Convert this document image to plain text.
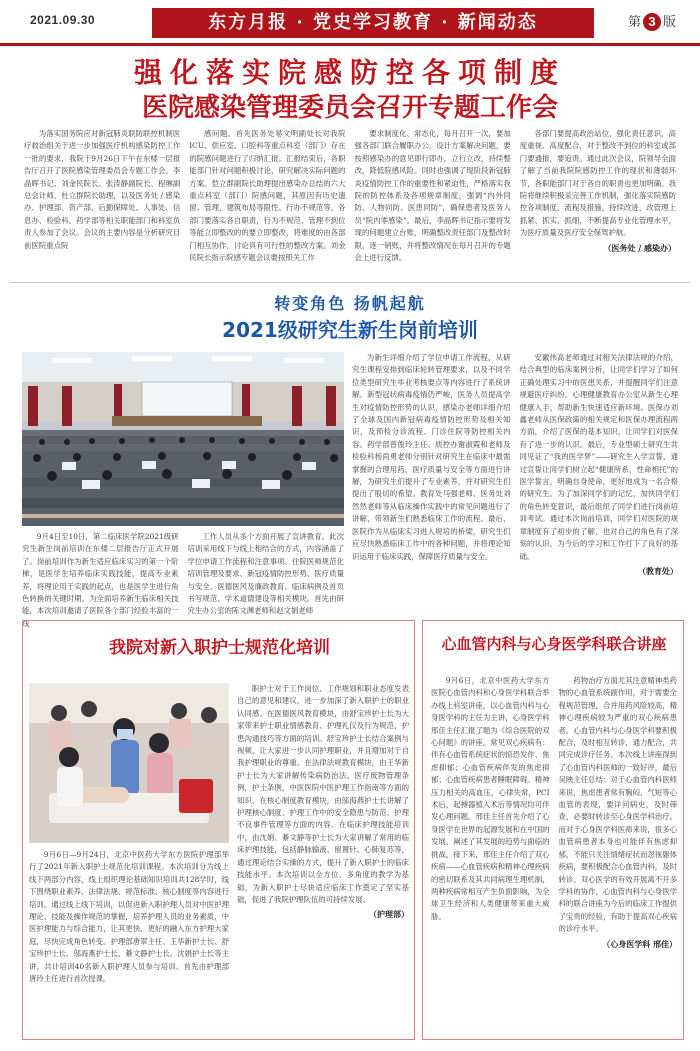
2021.09.30	东方月报 · 党史学习教育 · 新闻动态	第 3 版
强化落实院感防控各项制度
医院感染管理委员会召开专题工作会

为落实国务院应对新冠肺炎联防联控机制医疗救治组关于进一步加强医疗机构感染防控工作一批的要求，我院于9月26日下午在东楼一层报告厅召开了医院感染管理委员会专题工作会。李晶晖书记、刘金民院长、张涛静副院长、程琳副总会计师、杜立群院长助理，以及医务处 / 感染办、护理部、资产部、后勤保障处、人事处、信息办、检验科、药学部等相关职能部门和科室负责人参加了会议。会议的主要内容是分析研究目前医院重点院

感问题。首先医务处易文明副处长对我院ICU、供应室、口腔科等重点科室（部门）存在的院感问题进行了归纳汇报。汇报结束后，各职能部门针对问题积极讨论，研究解决实际问题的方案。恺立群副院长助理提出感染办总结的六大重点科室（部门）院感问题，其原因有历史遗留、管理、建筑布局等限性、行办不规范等。各部门要落实各自职责，行为不规范、管理不到位等能立即整改的的要立即整改，将难度的由各部门相互协作，讨论具有可行性的整改方案。刘金民院长指示院感专题会议要按照关工作

要求制度化、常态化，每月召开一次，要加强各部门联合履职办公，设计方案解决问题，要按照感染办的意见即行即办，立行立改，持续整改，降低院感风险。同时也强调了现阶段新冠肺炎疫情防控工作的重要性和紧迫性，严格落实我院的防控体系及各项规章制度，强调“内外同防、人物同防、医患同防”，确保患者及医务人员“院内零感染”。最后，李晶晖书记指示要将发现的问题建立台账，明确整改责任部门及整改时限，逐一销账，并将整改情况在每月召开的专题会上进行反馈。

各部门要提高政治站位，强化责任意识，高度重视、高度配合，对于整改不到位的科室或部门要通报，要追责。通过此次会议，院领导全面了解了当前我院院感防控工作的现状和薄弱环节，各职能部门对于各自的职责也更加明确。我院将继续积极采完善工作机制，强化落实院感防控各项制度、流程及措施，持续改进，改管理上抓紧、抓实、抓细，不断提高专业化管理水平，为医疗质量及医疗安全保驾护航。

（医务处 / 感染办）
转变角色 扬帆起航
2021级研究生新生岗前培训

9月4日至10日，第二临床医学院2021级研究生新生岗前培训在东楼二层报告厅正式开展了。岗前培训作为新生适应临床实习的第一个阶梯，是医学生培养临床实践技能，提高专业素养，将理论用于实践的起点，也是医学生进行角色转换的关键时期。为全面培养新生临床相关技能，本次培训邀请了医院各个部门经验丰富的一线

工作人员从多个方面开展了宣讲教育。此次培训采用线下与线上相结合的方式，内容涵盖了学位申请工作流程和注意事项、住院医师规范化培训管理及要求、新冠疫情防控形势、医疗质量与安全、医德医风及廉政教育、临床病例及首页书写规范、学术道德建设等相关模块。首先由研究生办公室的陈文渊老师和赵文娟老师

为新生详细介绍了学位申请工作流程，从研究生课程安排到临床轮转管理要求，以及不同学位类型研究生毕业考核要点等内容进行了系统讲解。新型冠状病毒疫情仍严峻，医务人员提高学生对疫情防控形势的认识，感染办老师详细介绍了全球及国内新冠病毒疫情防控形势及相关知识，及预检分诊流程、门诊住院等防控相关内容。药学部曾俊玲主任、质控办谢淑霞和老师及检验科杨尚勇老师分别针对研究生在临床中最需掌握的合理用药、医疗质量与安全等方面进行讲解，为研究生们提升了专业素养，并对研究生们提出了殷切的希望。教育处马强老师、医务处刘然然老师等从临床操作实践中的常见问题进行了讲解，带领新生们熟悉临床工作的流程。最后，医院作为从临床实习进入规培的桥梁，研究生们应尽快熟悉临床工作中的各种问题，并将理论知识运用于临床实践，保障医疗质量与安全。

安徽伟高老师通过对相关法律法规的介绍，结合典型的临床案例分析，让同学们学习了如何正确处理实习中的医患关系，并提醒同学们注意规避医疗纠纷。心理健康教育办公室从新生心理健康入手，帮助新生快速适应新环境。医保办刘鑫老师从医保政策的相关规定和医保办理流程两方面，介绍了医保的基本知识，让同学们对医保有了进一步的认识。最后，专业型硕士研究生共同见证了“我的医学梦”——研究生入学宣誓，通过宣誓让同学们树立起“健康所系，性命相托”的医学誓言，明确自身使命，更好地成为一名合格的研究生。为了加深同学们的记忆，加快同学们的角色转变意识，最后组织了同学们进行岗前培训考试。通过本次岗前培训，同学们对医院的规章制度有了初步的了解，也对自己的角色有了深刻的认识，为今后的学习和工作打下了良好的基础。

（教育处）
我院对新入职护士规范化培训

9月6日—9月24日，北京中医药大学东方医院护理部举行了2021年新入职护士规范化培训课程。本次培训分为线上线下两部分内容，线上组织理论基础知识培训共128学时，线下围绕职业素养、法律法规、规范标准、核心制度等内容进行培训。通过线上线下培训，以促进新入职护理人员对中医护理理论、技能及操作规范的掌握，培养护理人员的业务素质，中医护理能力与综合能力，让其更快、更好的融入东方护理大家庭，尽快完成角色转变。护理部唐翠主任、王华新护士长、舒宝珍护士长、邬海燕护士长、綦文静护士长、沈娟护士长等主讲，共计培训40名新入职护理人员参与培训。首先由护理部唐玲主任进行首次授课。

职护士对于工作岗位、工作规划和职业态度发表自己的意见和建议，进一步加深了新入职护士的职业认同感。在医德医风教育模块，由舒宝珍护士长为大家带来护士职业情感教育、护理礼仪及行为规范，护患沟通技巧等方面的培训。舒宝珍护士长结合案例与视频，让大家进一步认同护理职业，并且增加对于自我护理职业的尊重。在法律法规教育模块，由王华新护士长为大家讲解传染病防治法、医疗废物管理条例，护士条例，中医医院中医护理工作指南等方面的知识。在核心制度教育模块，由邬海燕护士长讲解了护理核心制度、护理工作中的安全隐患与防范、护理不良事件管理等方面的内容。在临床护理技能培训中，由沈娟、綦文静等护士长为大家讲解了常用的临床护理技能，包括静脉输液、留置针、心肺复苏等，通过理论结合实操的方式，提升了新入职护士的临床技能水平。本次培训以全方位、多角度的教学为基础，为新入职护士尽快适应临床工作奠定了坚实基础，促进了我院护理队伍的可持续发展。

（护理部）
心血管内科与心身医学科联合讲座

9月6日，北京中医药大学东方医院心血管内科和心身医学科联合举办线上科室讲座，以心血管内科与心身医学科的主任为主讲，心身医学科邢佳主任汇报了题为《综合医院的双心问题》的讲座。常见双心疾病有：伴有心血管系统症状的惊恐发作、焦虑抑郁；心血管疾病伴发的焦虑抑郁；心血管疾病患者睡眠障碍。精神压力相关的高血压，心律失常，PCI术后，起搏器植入术后等情况均可伴发心理问题。邢佳主任首先介绍了心身医学在世界的起源发展和在中国的发展，阐述了其发展的趋势与面临的挑战，接下来，邢佳主任介绍了双心疾病——心血管疾病和精神心理疾病的密切联系及其共同病理生理机制，两种疾病常相互产生负面影响，为全球卫生经济和人类健康带来重大威胁。

药物治疗方面尤其注意精神类药物的心血管系统副作用，对于需要全程规范管理，合并用药风险较高，精神心理疾病较为严重的双心疾病患者，心血管内科与心身医学科要积极配合，及时相互转诊，通力配合，共同完成诊疗任务。本次线上讲座得到了心血管内科医师的一致好评，最后吴映主任总结：对于心血管内科医师来说，焦虑患者常有胸闷、气短等心血管的表现，要详问病史，及时筛查，必要时转诊至心身医学科治疗。而对于心身医学科医师来说，很多心血管病患者本身也可能伴有焦虑抑郁，不能只关注情绪症状而忽视躯体疾病，要积极配合心血管内科，及时转诊。双心医学的有效开展离不开多学科的协作，心血管内科与心身医学科的联合讲座为今后的临床工作提供了宝贵的经验，有助于提高双心疾病的诊疗水平。

（心身医学科 邢佳）
